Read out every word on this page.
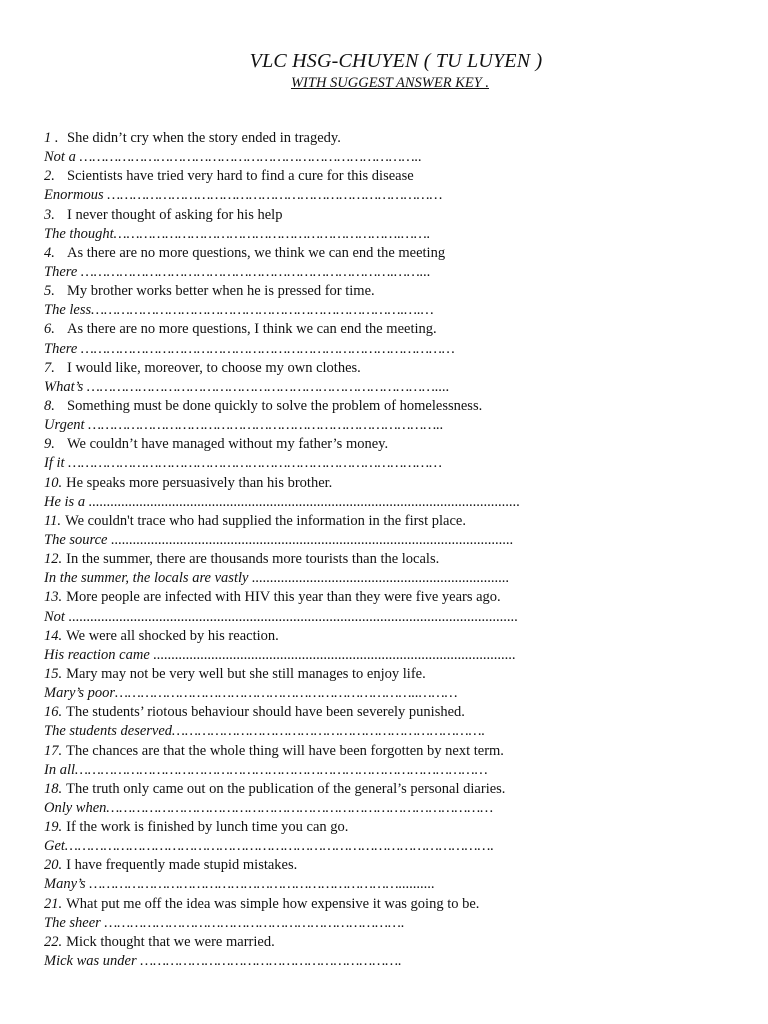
VLC HSG-CHUYEN ( TU LUYEN )
WITH SUGGEST ANSWER KEY .
1 . She didn’t cry when the story ended in tragedy.
Not a ……………………………………………………………………..
2. Scientists have tried very hard to find a cure for this disease
Enormous ……………………………………………………………………
3. I never thought of asking for his help
The thought………………………………………………………….…….
4. As there are no more questions, we think we can end the meeting
There ……………………………………………………………….……...
5. My brother works better when he is pressed for time.
The less……………………………………………………………….….…
6. As there are no more questions, I think we can end the meeting.
There ……………………………………………………………………………
7. I would like, moreover, to choose my own clothes.
What’s ………………………………………………………………………....
8. Something must be done quickly to solve the problem of homelessness.
Urgent ………………………………………………………………………..
9. We couldn’t have managed without my father’s money.
If it ……………………………………………………………………………
10. He speaks more persuasively than his brother.
He is a .......................................................................................................................
11. We couldn't trace who had supplied the information in the first place.
The source ...............................................................................................................
12. In the summer, there are thousands more tourists than the locals.
In the summer, the locals are vastly .......................................................................
13. More people are infected with HIV this year than they were five years ago.
Not ............................................................................................................................
14. We were all shocked by his reaction.
His reaction came ....................................................................................................
15. Mary may not be very well but she still manages to enjoy life.
Mary’s poor……………………………………………………………..………
16. The students’ riotous behaviour should have been severely punished.
The students deserved……………………………………………………………….
17. The chances are that the whole thing will have been forgotten by next term.
In all……………………………………………………………………………………
18. The truth only came out on the publication of the general’s personal diaries.
Only when………………………………………………………………………………
19. If the work is finished by lunch time you can go.
Get……………………………………………………………………………………….
20. I have frequently made stupid mistakes.
Many’s ………………………………………………………………..........
21. What put me off the idea was simple how expensive it was going to be.
The sheer …………………………………………………………….
22. Mick thought that we were married.
Mick was under …………………………………………………….
